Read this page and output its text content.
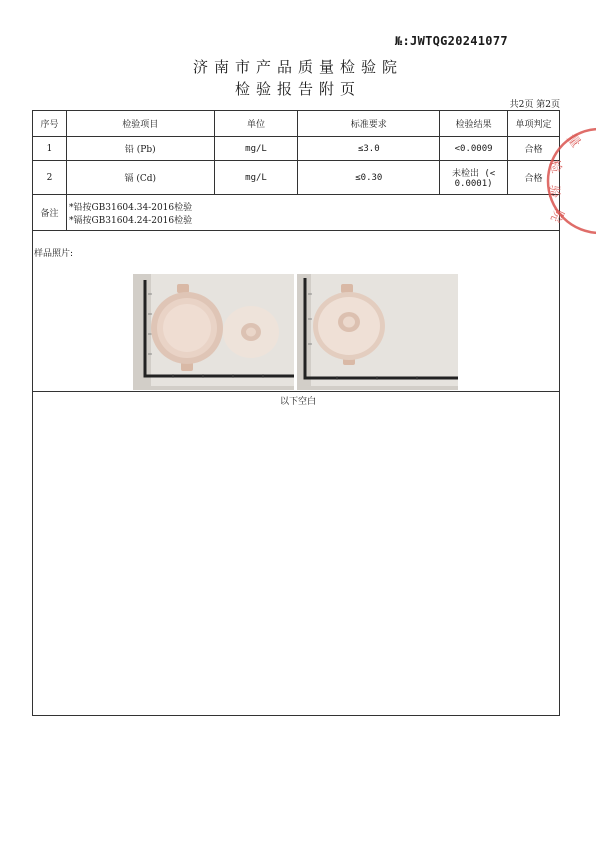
№:JWTQG20241077
济南市产品质量检验院
检验报告附页
共2页 第2页
序号	检验项目	单位	标准要求	检验结果	单项判定
1	铅 (Pb)	mg/L	≤3.0	<0.0009	合格
2	镉 (Cd)	mg/L	≤0.30	未检出 (< 0.0001)	合格
备注	*铅按GB31604.34-2016检验
*镉按GB31604.24-2016检验				
样品照片:
以下空白
量
检
验
院
